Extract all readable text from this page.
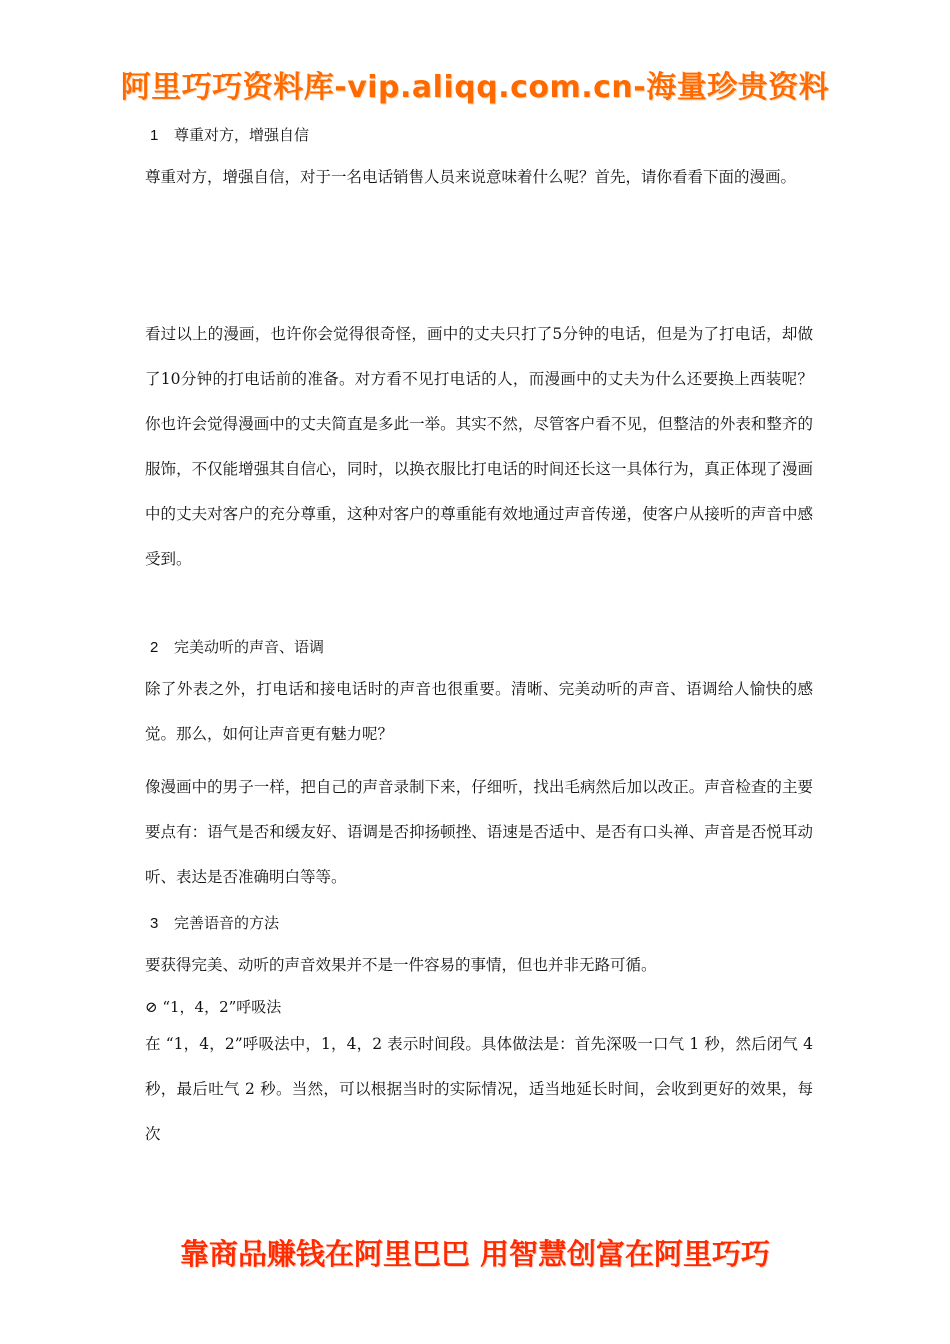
阿里巧巧资料库-vip.aliqq.com.cn-海量珍贵资料
1 尊重对方，增强自信

尊重对方，增强自信，对于一名电话销售人员来说意味着什么呢？首先，请你看看下面的漫画。

看过以上的漫画，也许你会觉得很奇怪，画中的丈夫只打了5分钟的电话，但是为了打电话，却做了10分钟的打电话前的准备。对方看不见打电话的人，而漫画中的丈夫为什么还要换上西装呢？你也许会觉得漫画中的丈夫简直是多此一举。其实不然，尽管客户看不见，但整洁的外表和整齐的服饰，不仅能增强其自信心，同时，以换衣服比打电话的时间还长这一具体行为，真正体现了漫画中的丈夫对客户的充分尊重，这种对客户的尊重能有效地通过声音传递，使客户从接听的声音中感受到。

2 完美动听的声音、语调

除了外表之外，打电话和接电话时的声音也很重要。清晰、完美动听的声音、语调给人愉快的感觉。那么，如何让声音更有魅力呢？

像漫画中的男子一样，把自己的声音录制下来，仔细听，找出毛病然后加以改正。声音检查的主要要点有：语气是否和缓友好、语调是否抑扬顿挫、语速是否适中、是否有口头禅、声音是否悦耳动听、表达是否准确明白等等。

3 完善语音的方法

要获得完美、动听的声音效果并不是一件容易的事情，但也并非无路可循。

⊘ “1，4，2”呼吸法

在 “1，4，2”呼吸法中，1，4，2 表示时间段。具体做法是：首先深吸一口气 1 秒，然后闭气 4 秒，最后吐气 2 秒。当然，可以根据当时的实际情况，适当地延长时间，会收到更好的效果，每次

靠商品赚钱在阿里巴巴 用智慧创富在阿里巧巧
